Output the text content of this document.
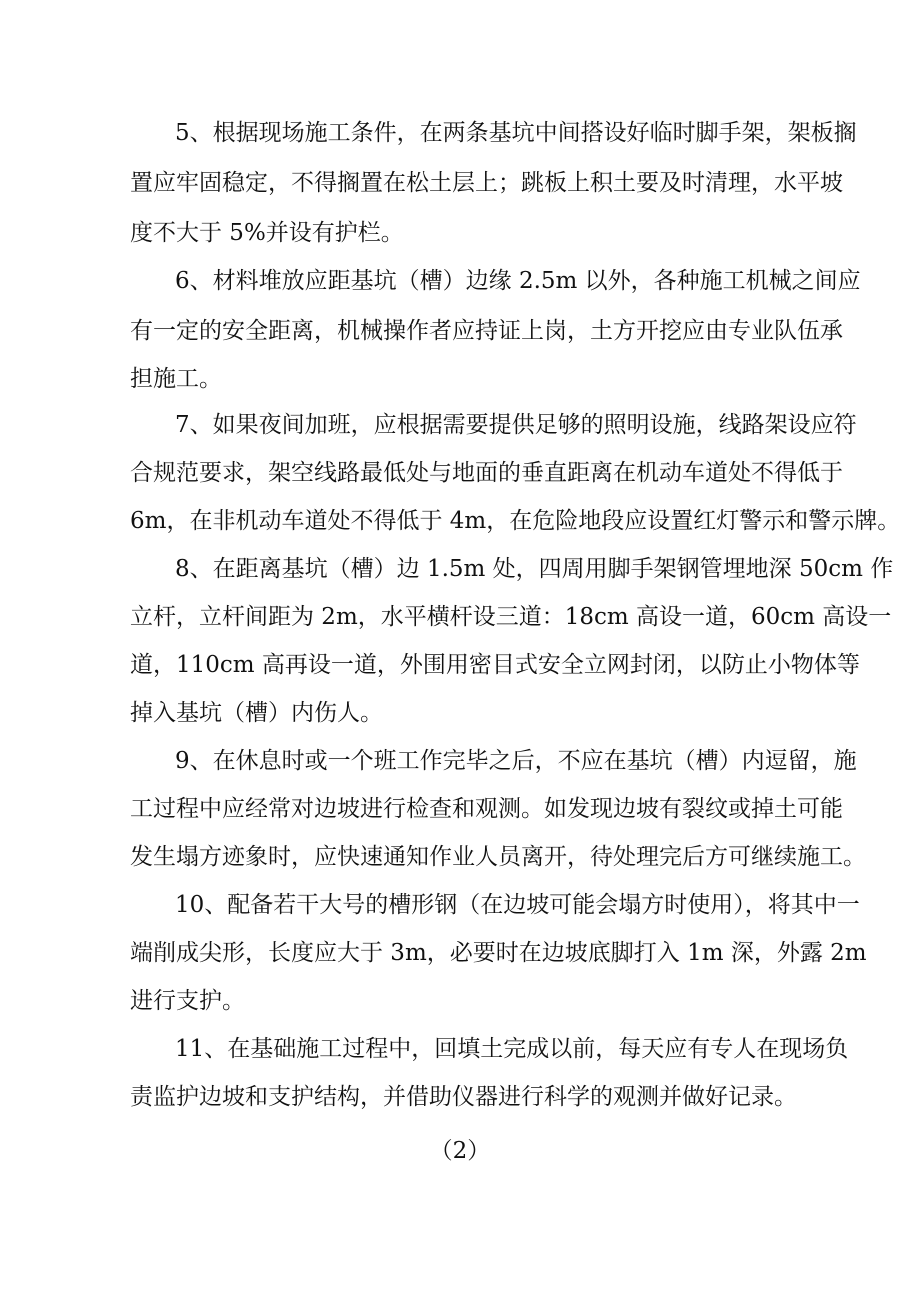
5、根据现场施工条件，在两条基坑中间搭设好临时脚手架，架板搁
置应牢固稳定，不得搁置在松土层上；跳板上积土要及时清理，水平坡
度不大于 5%并设有护栏。
6、材料堆放应距基坑（槽）边缘 2.5m 以外，各种施工机械之间应
有一定的安全距离，机械操作者应持证上岗，土方开挖应由专业队伍承
担施工。
7、如果夜间加班，应根据需要提供足够的照明设施，线路架设应符
合规范要求，架空线路最低处与地面的垂直距离在机动车道处不得低于
6m，在非机动车道处不得低于 4m，在危险地段应设置红灯警示和警示牌。
8、在距离基坑（槽）边 1.5m 处，四周用脚手架钢管埋地深 50cm 作
立杆，立杆间距为 2m，水平横杆设三道：18cm 高设一道，60cm 高设一
道，110cm 高再设一道，外围用密目式安全立网封闭，以防止小物体等
掉入基坑（槽）内伤人。
9、在休息时或一个班工作完毕之后，不应在基坑（槽）内逗留，施
工过程中应经常对边坡进行检查和观测。如发现边坡有裂纹或掉土可能
发生塌方迹象时，应快速通知作业人员离开，待处理完后方可继续施工。
10、配备若干大号的槽形钢（在边坡可能会塌方时使用），将其中一
端削成尖形，长度应大于 3m，必要时在边坡底脚打入 1m 深，外露 2m
进行支护。
11、在基础施工过程中，回填土完成以前，每天应有专人在现场负
责监护边坡和支护结构，并借助仪器进行科学的观测并做好记录。
（2）
